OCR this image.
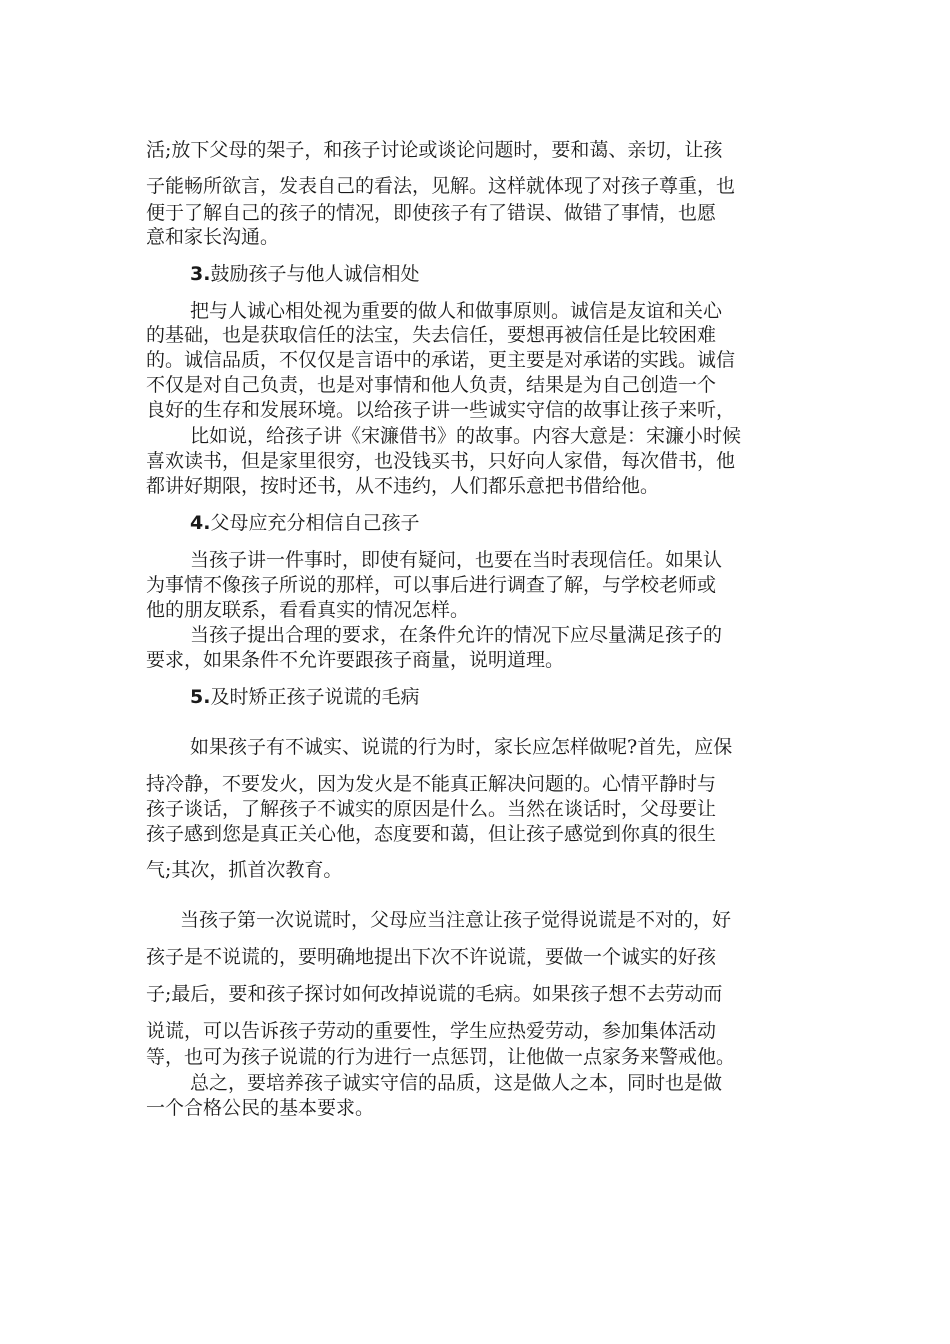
活;放下父母的架子，和孩子讨论或谈论问题时，要和蔼、亲切，让孩
子能畅所欲言，发表自己的看法，见解。这样就体现了对孩子尊重，也
便于了解自己的孩子的情况，即使孩子有了错误、做错了事情，也愿
意和家长沟通。
3.鼓励孩子与他人诚信相处
把与人诚心相处视为重要的做人和做事原则。诚信是友谊和关心
的基础，也是获取信任的法宝，失去信任，要想再被信任是比较困难
的。诚信品质，不仅仅是言语中的承诺，更主要是对承诺的实践。诚信
不仅是对自己负责，也是对事情和他人负责，结果是为自己创造一个
良好的生存和发展环境。以给孩子讲一些诚实守信的故事让孩子来听，
比如说，给孩子讲《宋濂借书》的故事。内容大意是：宋濂小时候
喜欢读书，但是家里很穷，也没钱买书，只好向人家借，每次借书，他
都讲好期限，按时还书，从不违约，人们都乐意把书借给他。
4.父母应充分相信自己孩子
当孩子讲一件事时，即使有疑问，也要在当时表现信任。如果认
为事情不像孩子所说的那样，可以事后进行调查了解，与学校老师或
他的朋友联系，看看真实的情况怎样。
当孩子提出合理的要求，在条件允许的情况下应尽量满足孩子的
要求，如果条件不允许要跟孩子商量，说明道理。
5.及时矫正孩子说谎的毛病
如果孩子有不诚实、说谎的行为时，家长应怎样做呢?首先，应保
持冷静，不要发火，因为发火是不能真正解决问题的。心情平静时与
孩子谈话，了解孩子不诚实的原因是什么。当然在谈话时，父母要让
孩子感到您是真正关心他，态度要和蔼，但让孩子感觉到你真的很生
气;其次，抓首次教育。
当孩子第一次说谎时，父母应当注意让孩子觉得说谎是不对的，好
孩子是不说谎的，要明确地提出下次不许说谎，要做一个诚实的好孩
子;最后，要和孩子探讨如何改掉说谎的毛病。如果孩子想不去劳动而
说谎，可以告诉孩子劳动的重要性，学生应热爱劳动，参加集体活动
等，也可为孩子说谎的行为进行一点惩罚，让他做一点家务来警戒他。
总之，要培养孩子诚实守信的品质，这是做人之本，同时也是做
一个合格公民的基本要求。
